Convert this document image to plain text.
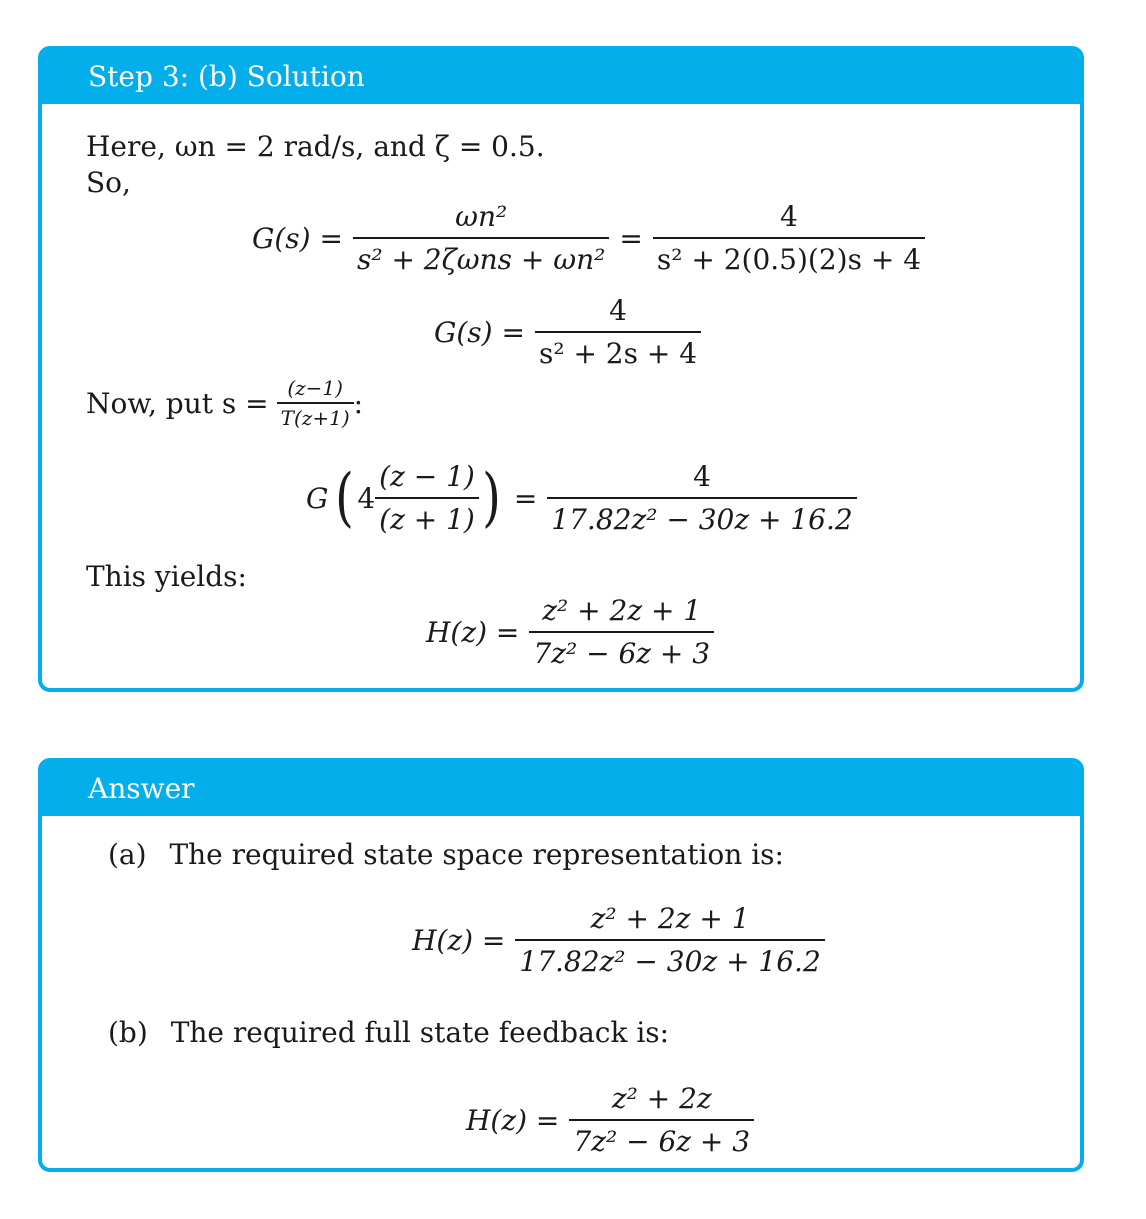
Step 3: (b) Solution
Here, ωn = 2 rad/s, and ζ = 0.5.
So,
$G(s) = \frac{\text{ωn²}}{\text{s² + 2ζωns + ωn²}} = \frac{4}{\text{s² + 2(0.5)(2)s + 4}}$
$G(s) = \frac{4}{\text{s² + 2s + 4}}$
Now, put $s = \frac{(z-1)}{T(z+1)}$ :
G ( $4 \frac{(z - 1)}{(z + 1)}$ ) = $\frac{4}{\text{17.82z² − 30z + 16.2}}$
This yields:
$H(z) = \frac{\text{z² + 2z + 1}}{\text{7z² − 6z + 3}}$
Answer
(a) The required state space representation is:
$H(z) = \frac{\text{z² + 2z + 1}}{\text{17.82z² − 30z + 16.2}}$
(b) The required full state feedback is:
$H(z) = \frac{\text{z² + 2z}}{\text{7z² − 6z + 3}}$
